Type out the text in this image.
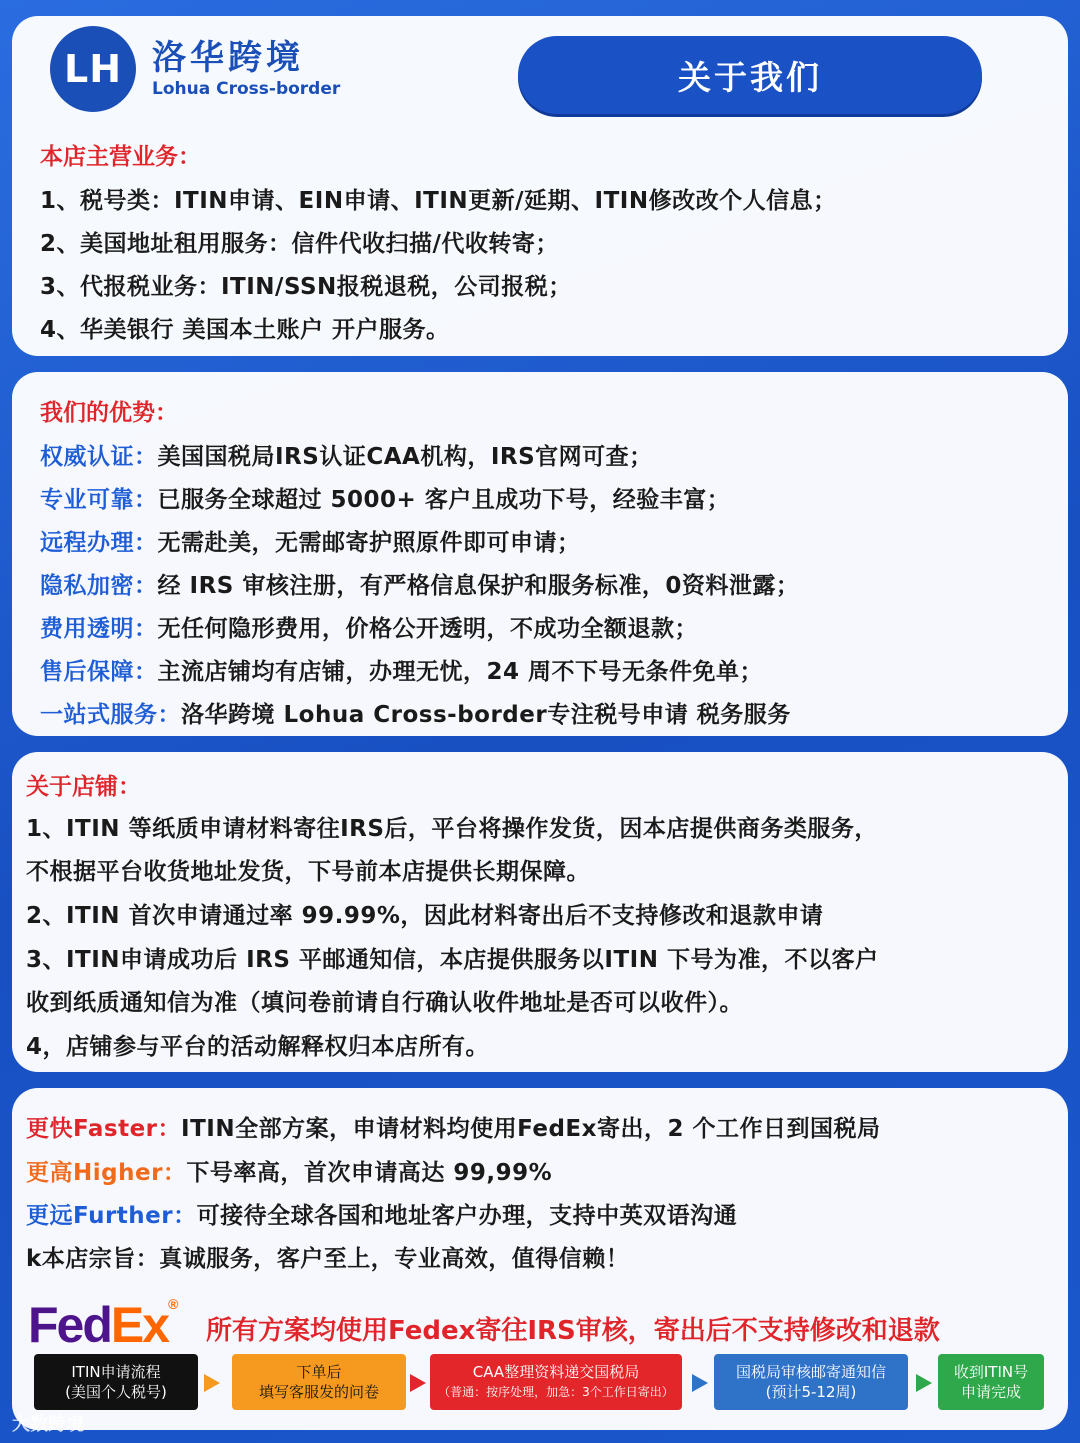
LH 洛华跨境
Lohua Cross-border	关于我们
本店主营业务：
1、税号类：ITIN申请、EIN申请、ITIN更新/延期、ITIN修改改个人信息；
2、美国地址租用服务：信件代收扫描/代收转寄；
3、代报税业务：ITIN/SSN报税退税，公司报税；
4、华美银行 美国本土账户 开户服务。
我们的优势：
权威认证：美国国税局IRS认证CAA机构，IRS官网可查；
专业可靠：已服务全球超过 5000+ 客户且成功下号，经验丰富；
远程办理：无需赴美，无需邮寄护照原件即可申请；
隐私加密：经 IRS 审核注册，有严格信息保护和服务标准，0资料泄露；
费用透明：无任何隐形费用，价格公开透明，不成功全额退款；
售后保障：主流店铺均有店铺，办理无忧，24 周不下号无条件免单；
一站式服务：洛华跨境 Lohua Cross-border专注税号申请 税务服务
关于店铺：
1、ITIN 等纸质申请材料寄往IRS后，平台将操作发货，因本店提供商务类服务，
不根据平台收货地址发货，下号前本店提供长期保障。
2、ITIN 首次申请通过率 99.99%，因此材料寄出后不支持修改和退款申请
3、ITIN申请成功后 IRS 平邮通知信，本店提供服务以ITIN 下号为准，不以客户
收到纸质通知信为准（填问卷前请自行确认收件地址是否可以收件）。
4，店铺参与平台的活动解释权归本店所有。
更快Faster：ITIN全部方案，申请材料均使用FedEx寄出，2 个工作日到国税局
更高Higher：下号率高，首次申请高达 99,99%
更远Further：可接待全球各国和地址客户办理，支持中英双语沟通
k本店宗旨：真诚服务，客户至上，专业高效，值得信赖！
FedEx®
所有方案均使用Fedex寄往IRS审核，寄出后不支持修改和退款
ITIN申请流程
(美国个人税号)
下单后
填写客服发的问卷
CAA整理资料递交国税局
（普通：按序处理，加急：3个工作日寄出）
国税局审核邮寄通知信
(预计5-12周)
收到ITIN号
申请完成
大数跨境
